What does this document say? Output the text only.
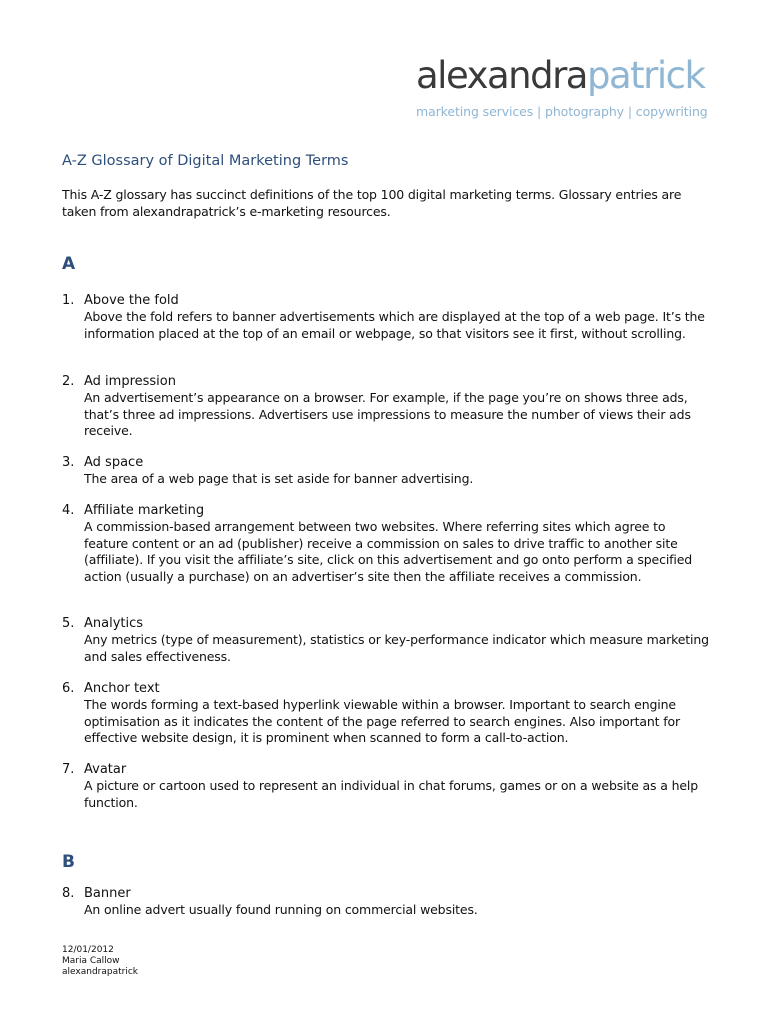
alexandrapatrick
marketing services | photography | copywriting
A-Z Glossary of Digital Marketing Terms
This A-Z glossary has succinct definitions of the top 100 digital marketing terms. Glossary entries are taken from alexandrapatrick’s e-marketing resources.
A
1. Above the fold
Above the fold refers to banner advertisements which are displayed at the top of a web page. It’s the information placed at the top of an email or webpage, so that visitors see it first, without scrolling.
2. Ad impression
An advertisement’s appearance on a browser. For example, if the page you’re on shows three ads, that’s three ad impressions. Advertisers use impressions to measure the number of views their ads receive.
3. Ad space
The area of a web page that is set aside for banner advertising.
4. Affiliate marketing
A commission-based arrangement between two websites. Where referring sites which agree to feature content or an ad (publisher) receive a commission on sales to drive traffic to another site (affiliate). If you visit the affiliate’s site, click on this advertisement and go onto perform a specified action (usually a purchase) on an advertiser’s site then the affiliate receives a commission.
5. Analytics
Any metrics (type of measurement), statistics or key-performance indicator which measure marketing and sales effectiveness.
6. Anchor text
The words forming a text-based hyperlink viewable within a browser. Important to search engine optimisation as it indicates the content of the page referred to search engines. Also important for effective website design, it is prominent when scanned to form a call-to-action.
7. Avatar
A picture or cartoon used to represent an individual in chat forums, games or on a website as a help function.
B
8. Banner
An online advert usually found running on commercial websites.
12/01/2012
Maria Callow
alexandrapatrick
